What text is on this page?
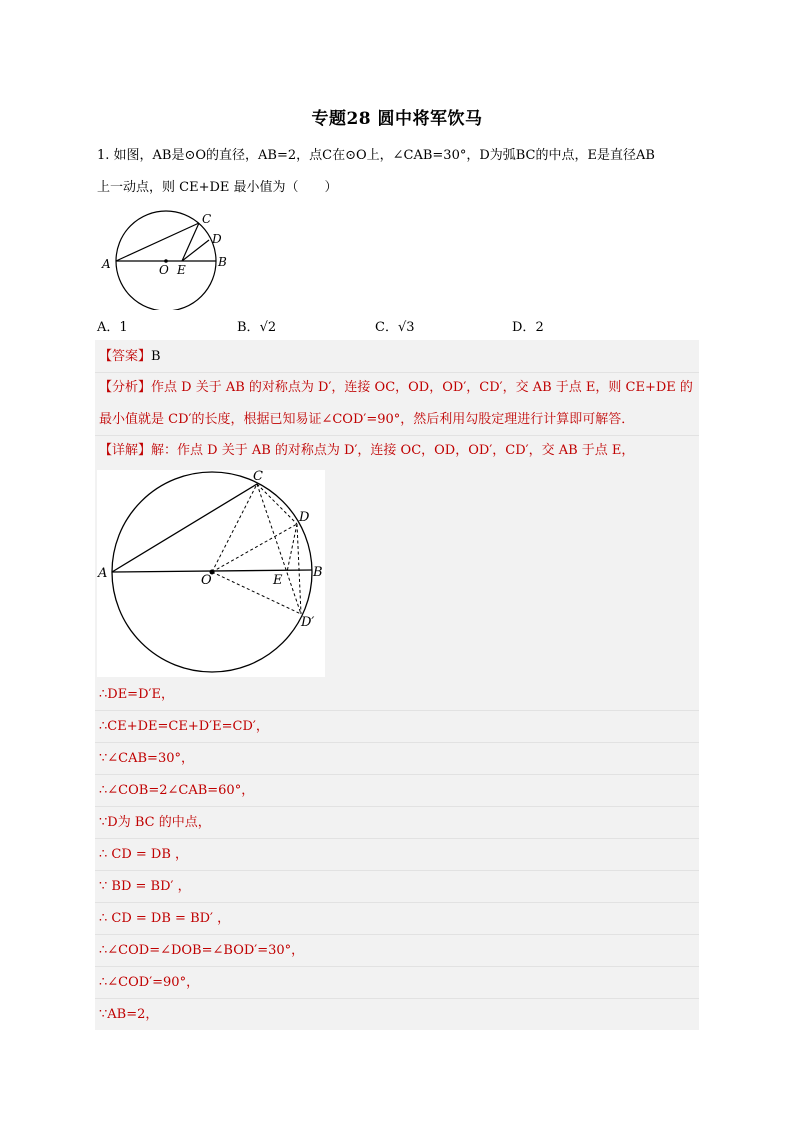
专题28 圆中将军饮马
1. 如图，AB是⊙O的直径，AB=2，点C在⊙O上，∠CAB=30°，D为弧BC的中点，E是直径AB
上一动点，则 CE+DE 最小值为（　　）
A	B
C
D
O E
A．1	B．√2	C．√3	D．2
【答案】B
【分析】作点 D 关于 AB 的对称点为 D′，连接 OC，OD，OD′，CD′，交 AB 于点 E，则 CE+DE 的
最小值就是 CD′的长度，根据已知易证∠COD′=90°，然后利用勾股定理进行计算即可解答．
【详解】解：作点 D 关于 AB 的对称点为 D′，连接 OC，OD，OD′，CD′，交 AB 于点 E，
A	B
C
D
O	E
D′
∴DE=D′E，
∴CE+DE=CE+D′E=CD′，
∵∠CAB=30°，
∴∠COB=2∠CAB=60°，
∵D为 BC 的中点，
∴ CD = DB ，
∵ BD = BD′ ，
∴ CD = DB = BD′ ，
∴∠COD=∠DOB=∠BOD′=30°，
∴∠COD′=90°，
∵AB=2，
